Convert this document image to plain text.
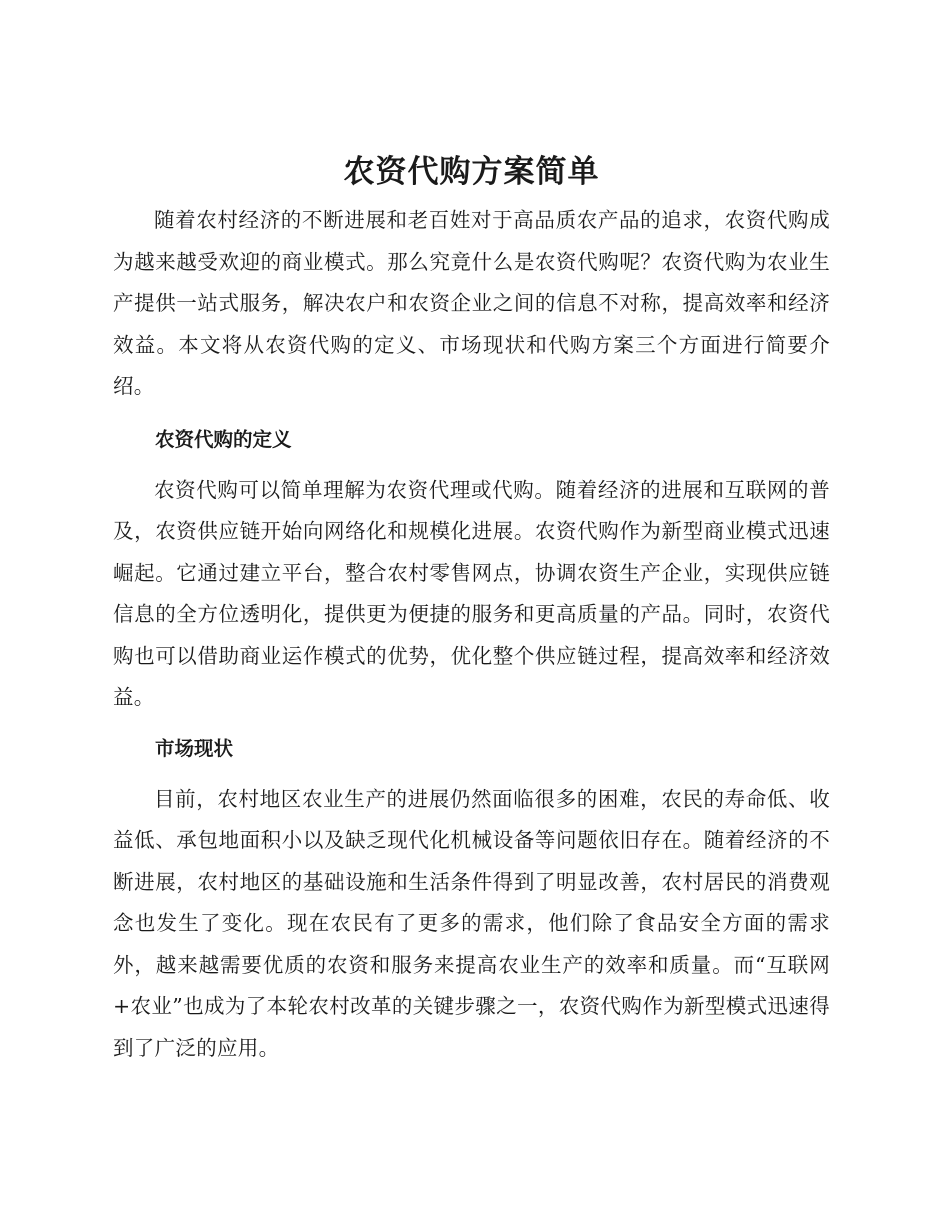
农资代购方案简单

随着农村经济的不断进展和老百姓对于高品质农产品的追求，农资代购成为越来越受欢迎的商业模式。那么究竟什么是农资代购呢？农资代购为农业生产提供一站式服务，解决农户和农资企业之间的信息不对称，提高效率和经济效益。本文将从农资代购的定义、市场现状和代购方案三个方面进行简要介绍。

农资代购的定义

农资代购可以简单理解为农资代理或代购。随着经济的进展和互联网的普及，农资供应链开始向网络化和规模化进展。农资代购作为新型商业模式迅速崛起。它通过建立平台，整合农村零售网点，协调农资生产企业，实现供应链信息的全方位透明化，提供更为便捷的服务和更高质量的产品。同时，农资代购也可以借助商业运作模式的优势，优化整个供应链过程，提高效率和经济效益。

市场现状

目前，农村地区农业生产的进展仍然面临很多的困难，农民的寿命低、收益低、承包地面积小以及缺乏现代化机械设备等问题依旧存在。随着经济的不断进展，农村地区的基础设施和生活条件得到了明显改善，农村居民的消费观念也发生了变化。现在农民有了更多的需求，他们除了食品安全方面的需求外，越来越需要优质的农资和服务来提高农业生产的效率和质量。而“互联网+农业”也成为了本轮农村改革的关键步骤之一，农资代购作为新型模式迅速得到了广泛的应用。
